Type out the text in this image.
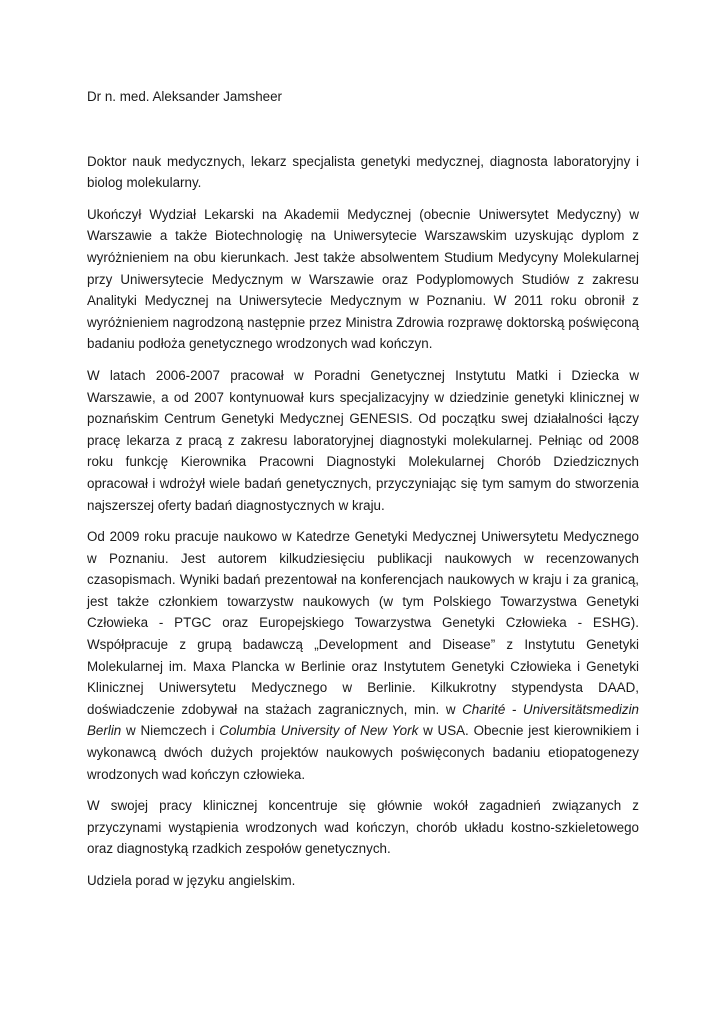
Dr n. med. Aleksander Jamsheer

Doktor nauk medycznych, lekarz specjalista genetyki medycznej, diagnosta laboratoryjny i biolog molekularny.

Ukończył Wydział Lekarski na Akademii Medycznej (obecnie Uniwersytet Medyczny) w Warszawie a także Biotechnologię na Uniwersytecie Warszawskim uzyskując dyplom z wyróżnieniem na obu kierunkach. Jest także absolwentem Studium Medycyny Molekularnej przy Uniwersytecie Medycznym w Warszawie oraz Podyplomowych Studiów z zakresu Analityki Medycznej na Uniwersytecie Medycznym w Poznaniu. W 2011 roku obronił z wyróżnieniem nagrodzoną następnie przez Ministra Zdrowia rozprawę doktorską poświęconą badaniu podłoża genetycznego wrodzonych wad kończyn.

W latach 2006-2007 pracował w Poradni Genetycznej Instytutu Matki i Dziecka w Warszawie, a od 2007 kontynuował kurs specjalizacyjny w dziedzinie genetyki klinicznej w poznańskim Centrum Genetyki Medycznej GENESIS. Od początku swej działalności łączy pracę lekarza z pracą z zakresu laboratoryjnej diagnostyki molekularnej. Pełniąc od 2008 roku funkcję Kierownika Pracowni Diagnostyki Molekularnej Chorób Dziedzicznych opracował i wdrożył wiele badań genetycznych, przyczyniając się tym samym do stworzenia najszerszej oferty badań diagnostycznych w kraju.

Od 2009 roku pracuje naukowo w Katedrze Genetyki Medycznej Uniwersytetu Medycznego w Poznaniu. Jest autorem kilkudziesięciu publikacji naukowych w recenzowanych czasopismach. Wyniki badań prezentował na konferencjach naukowych w kraju i za granicą, jest także członkiem towarzystw naukowych (w tym Polskiego Towarzystwa Genetyki Człowieka - PTGC oraz Europejskiego Towarzystwa Genetyki Człowieka - ESHG). Współpracuje z grupą badawczą „Development and Disease” z Instytutu Genetyki Molekularnej im. Maxa Plancka w Berlinie oraz Instytutem Genetyki Człowieka i Genetyki Klinicznej Uniwersytetu Medycznego w Berlinie. Kilkukrotny stypendysta DAAD, doświadczenie zdobywał na stażach zagranicznych, min. w Charité - Universitätsmedizin Berlin w Niemczech i Columbia University of New York w USA. Obecnie jest kierownikiem i wykonawcą dwóch dużych projektów naukowych poświęconych badaniu etiopatogenezy wrodzonych wad kończyn człowieka.

W swojej pracy klinicznej koncentruje się głównie wokół zagadnień związanych z przyczynami wystąpienia wrodzonych wad kończyn, chorób układu kostno-szkieletowego oraz diagnostyką rzadkich zespołów genetycznych.

Udziela porad w języku angielskim.
